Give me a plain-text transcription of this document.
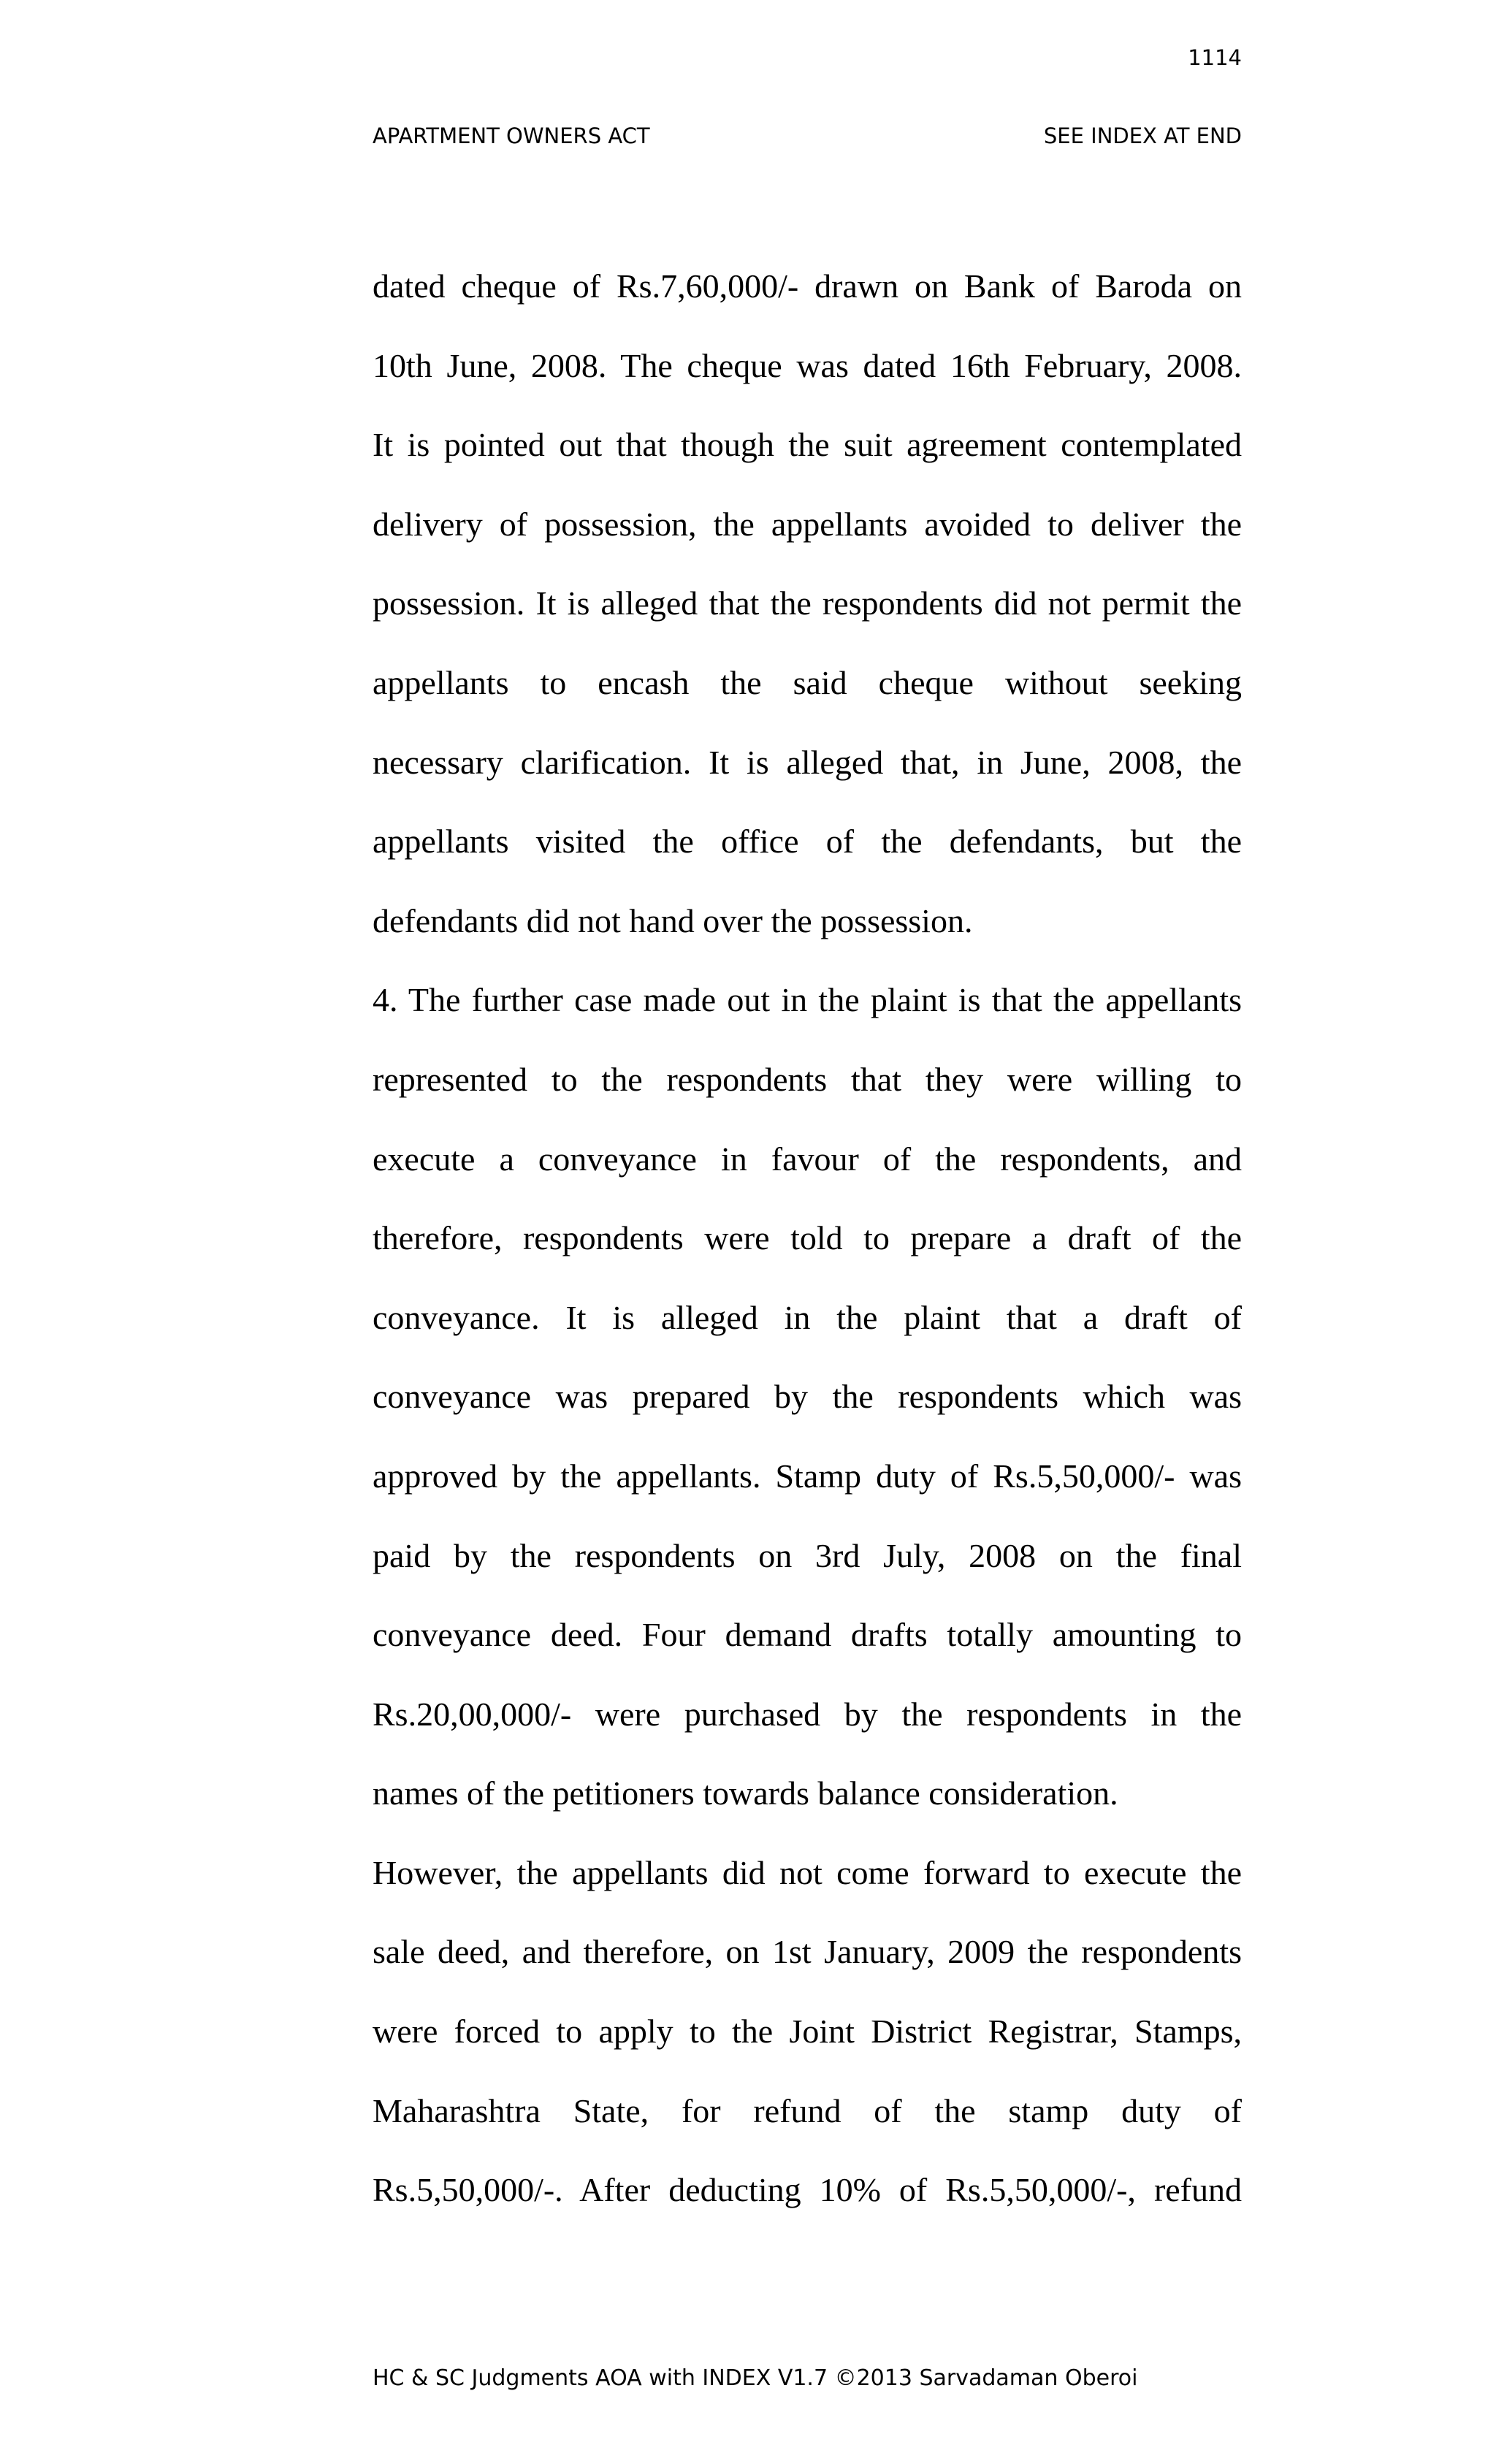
1114
APARTMENT OWNERS ACT	SEE INDEX AT END
dated cheque of Rs.7,60,000/- drawn on Bank of Baroda on
10th June, 2008. The cheque was dated 16th February, 2008.
It is pointed out that though the suit agreement contemplated
delivery of possession, the appellants avoided to deliver the
possession. It is alleged that the respondents did not permit the
appellants to encash the said cheque without seeking
necessary clarification. It is alleged that, in June, 2008, the
appellants visited the office of the defendants, but the
defendants did not hand over the possession.
4. The further case made out in the plaint is that the appellants
represented to the respondents that they were willing to
execute a conveyance in favour of the respondents, and
therefore, respondents were told to prepare a draft of the
conveyance. It is alleged in the plaint that a draft of
conveyance was prepared by the respondents which was
approved by the appellants. Stamp duty of Rs.5,50,000/- was
paid by the respondents on 3rd July, 2008 on the final
conveyance deed. Four demand drafts totally amounting to
Rs.20,00,000/- were purchased by the respondents in the
names of the petitioners towards balance consideration.
However, the appellants did not come forward to execute the
sale deed, and therefore, on 1st January, 2009 the respondents
were forced to apply to the Joint District Registrar, Stamps,
Maharashtra State, for refund of the stamp duty of
Rs.5,50,000/-. After deducting 10% of Rs.5,50,000/-, refund
HC & SC Judgments AOA with INDEX V1.7 ©2013 Sarvadaman Oberoi
